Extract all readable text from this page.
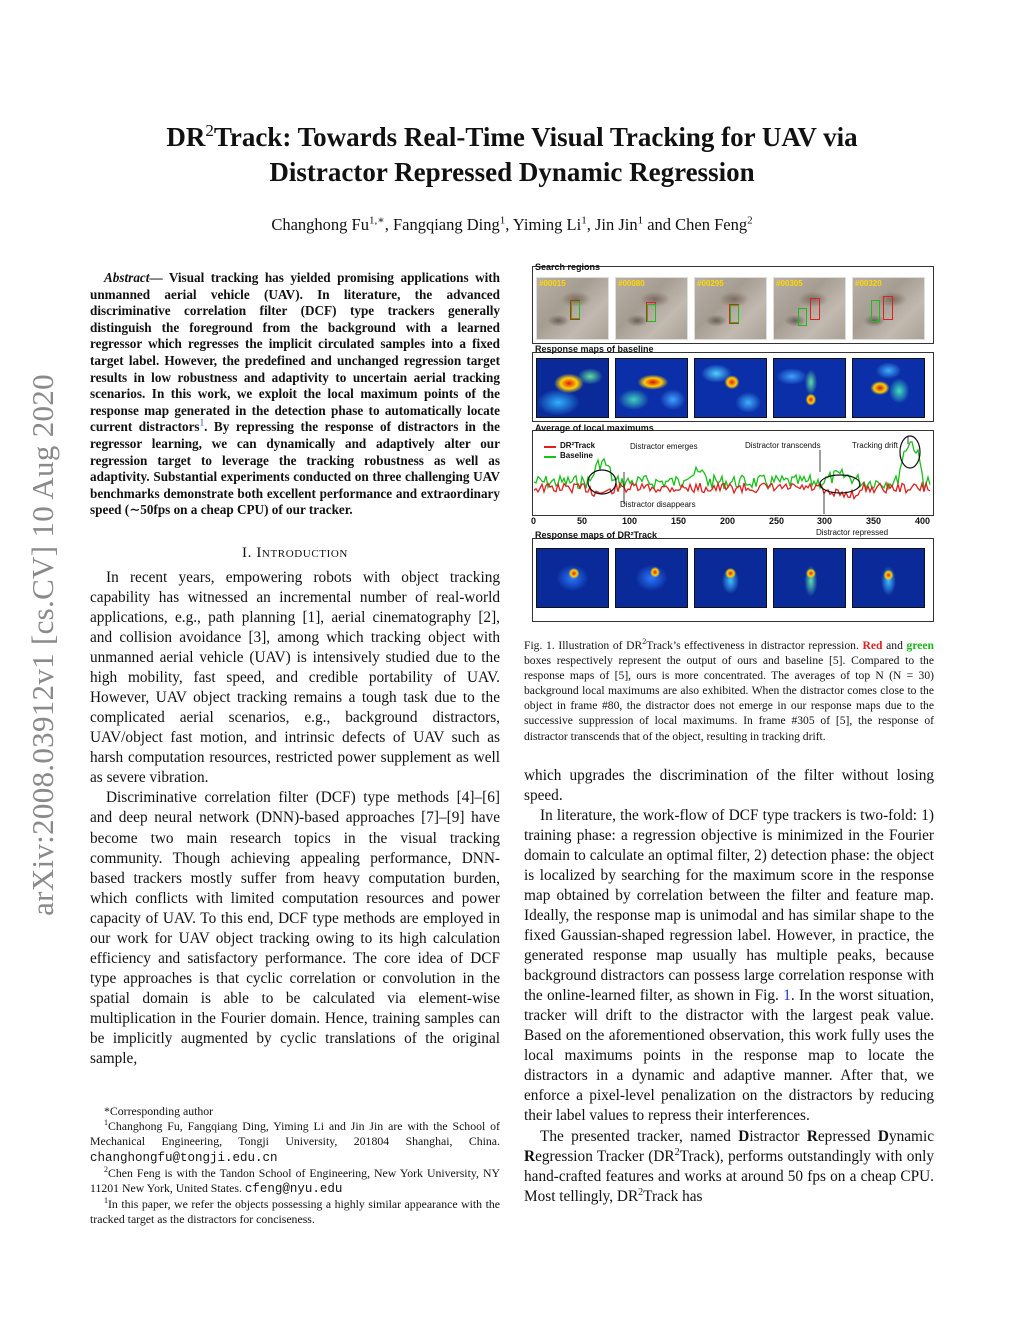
arXiv:2008.03912v1 [cs.CV] 10 Aug 2020
$DR^2Track$: Towards Real-Time Visual Tracking for UAV via
Distractor Repressed Dynamic Regression
Changhong $Fu^{1,∗}$, Fangqiang Ding$^1$, Yiming Li$^1$, Jin Jin$^1$ and Chen Feng$^2$

Abstract— Visual tracking has yielded promising applications with unmanned aerial vehicle (UAV). In literature, the advanced discriminative correlation filter (DCF) type trackers generally distinguish the foreground from the background with a learned regressor which regresses the implicit circulated samples into a fixed target label. However, the predefined and unchanged regression target results in low robustness and adaptivity to uncertain aerial tracking scenarios. In this work, we exploit the local maximum points of the response map generated in the detection phase to automatically locate current distractors$^1$. By repressing the response of distractors in the regressor learning, we can dynamically and adaptively alter our regression target to leverage the tracking robustness as well as adaptivity. Substantial experiments conducted on three challenging UAV benchmarks demonstrate both excellent performance and extraordinary speed (∼50fps on a cheap CPU) of our tracker.

I. Introduction

In recent years, empowering robots with object tracking capability has witnessed an incremental number of real-world applications, e.g., path planning [1], aerial cinematography [2], and collision avoidance [3], among which tracking object with unmanned aerial vehicle (UAV) is intensively studied due to the high mobility, fast speed, and credible portability of UAV. However, UAV object tracking remains a tough task due to the complicated aerial scenarios, e.g., background distractors, UAV/object fast motion, and intrinsic defects of UAV such as harsh computation resources, restricted power supplement as well as severe vibration.

Discriminative correlation filter (DCF) type methods [4]–[6] and deep neural network (DNN)-based approaches [7]–[9] have become two main research topics in the visual tracking community. Though achieving appealing performance, DNN-based trackers mostly suffer from heavy computation burden, which conflicts with limited computation resources and power capacity of UAV. To this end, DCF type methods are employed in our work for UAV object tracking owing to its high calculation efficiency and satisfactory performance. The core idea of DCF type approaches is that cyclic correlation or convolution in the spatial domain is able to be calculated via element-wise multiplication in the Fourier domain. Hence, training samples can be implicitly augmented by cyclic translations of the original sample,

*Corresponding author

$^1$Changhong Fu, Fangqiang Ding, Yiming Li and Jin Jin are with the School of Mechanical Engineering, Tongji University, 201804 Shanghai, China. changhongfu@tongji.edu.cn

$^2$Chen Feng is with the Tandon School of Engineering, New York University, NY 11201 New York, United States. cfeng@nyu.edu

$^1$In this paper, we refer the objects possessing a highly similar appearance with the tracked target as the distractors for conciseness.

Search regions
#00015	#00080	#00295	#00305	#00320
Response maps of baseline
Average of local maximums
DR²Track
Baseline
Distractor emerges	Distractor transcends	Tracking drift
Distractor disappears
0	50	100	150	200	250	300	350	400
Distractor repressed
Response maps of DR²Track

Fig. 1. Illustration of $DR^2Track’s$ effectiveness in distractor repression. Red and green boxes respectively represent the output of ours and baseline [5]. Compared to the response maps of [5], ours is more concentrated. The averages of top N (N = 30) background local maximums are also exhibited. When the distractor comes close to the object in frame #80, the distractor does not emerge in our response maps due to the successive suppression of local maximums. In frame #305 of [5], the response of distractor transcends that of the object, resulting in tracking drift.

which upgrades the discrimination of the filter without losing speed.

In literature, the work-flow of DCF type trackers is two-fold: 1) training phase: a regression objective is minimized in the Fourier domain to calculate an optimal filter, 2) detection phase: the object is localized by searching for the maximum score in the response map obtained by correlation between the filter and feature map. Ideally, the response map is unimodal and has similar shape to the fixed Gaussian-shaped regression label. However, in practice, the generated response map usually has multiple peaks, because background distractors can possess large correlation response with the online-learned filter, as shown in Fig. 1. In the worst situation, tracker will drift to the distractor with the largest peak value. Based on the aforementioned observation, this work fully uses the local maximums points in the response map to locate the distractors in a dynamic and adaptive manner. After that, we enforce a pixel-level penalization on the distractors by reducing their label values to repress their interferences.

The presented tracker, named Distractor Repressed Dynamic Regression Tracker $(DR^2Track)$, performs outstandingly with only hand-crafted features and works at around 50 fps on a cheap CPU. Most tellingly, $DR^2Track$ has
